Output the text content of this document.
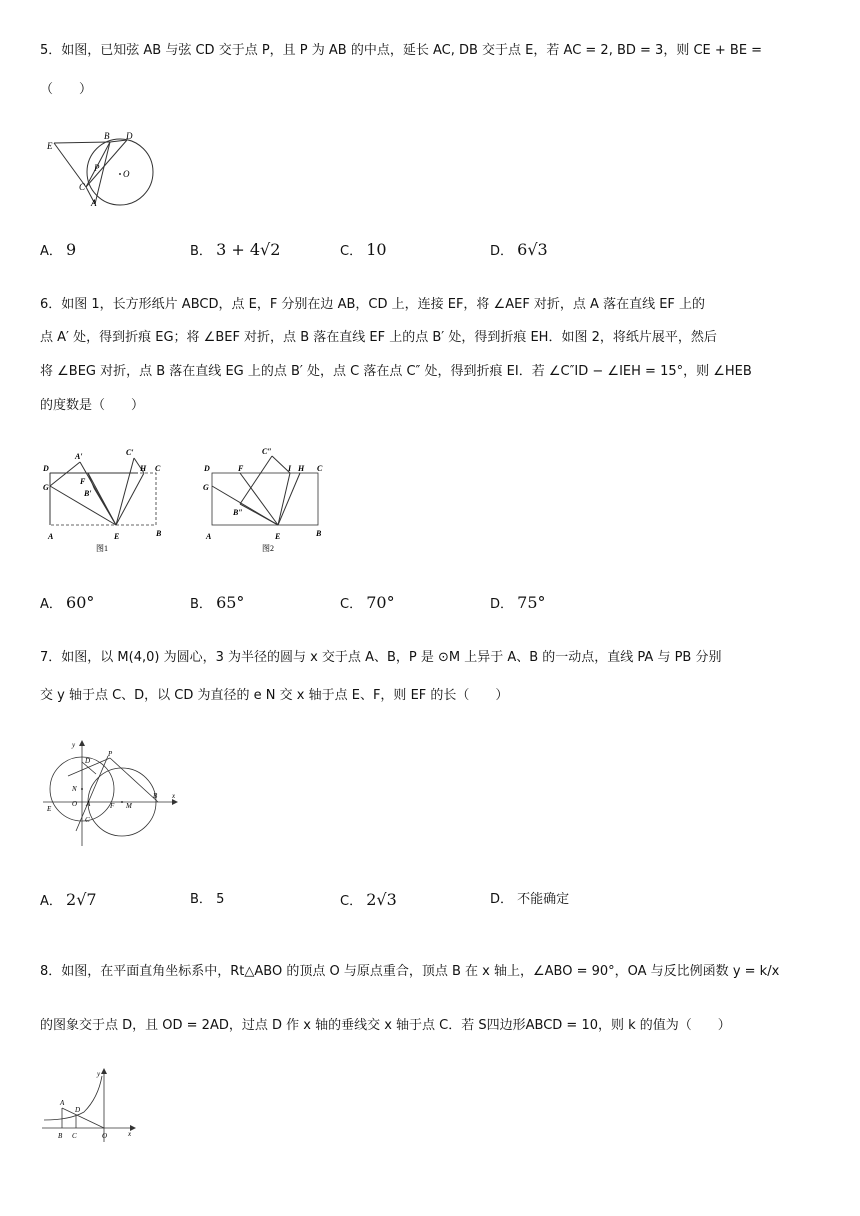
5．如图，已知弦 AB 与弦 CD 交于点 P，且 P 为 AB 的中点，延长 AC, DB 交于点 E，若 AC = 2, BD = 3，则 CE + BE =
（　　）
E
B D
P
O
C
A
A． 9	B． 3 + 4√2	C． 10	D． 6√3
6．如图 1，长方形纸片 ABCD，点 E，F 分别在边 AB，CD 上，连接 EF，将 ∠AEF 对折，点 A 落在直线 EF 上的
点 A′ 处，得到折痕 EG；将 ∠BEF 对折，点 B 落在直线 EF 上的点 B′ 处，得到折痕 EH．如图 2，将纸片展平，然后
将 ∠BEG 对折，点 B 落在直线 EG 上的点 B′ 处，点 C 落在点 C″ 处，得到折痕 EI．若 ∠C″ID − ∠IEH = 15°，则 ∠HEB
的度数是（　　）
D
A′	C′
H C
G
F
B′
A	E	B
图1
D	F
C″
I H C
G
B″
A	E	B
图2
A． 60°	B． 65°	C． 70°	D． 75°
7．如图，以 M(4,0) 为圆心，3 为半径的圆与 x 交于点 A、B，P 是 ⊙M 上异于 A、B 的一动点，直线 PA 与 PB 分别
交 y 轴于点 C、D，以 CD 为直径的 e N 交 x 轴于点 E、F，则 EF 的长（　　）
y
D
P
N
O A	F M
B x
E
C
A． 2√7	B． 5	C． 2√3	D． 不能确定
8．如图，在平面直角坐标系中，Rt△ABO 的顶点 O 与原点重合，顶点 B 在 x 轴上，∠ABO = 90°，OA 与反比例函数 y = k/x
的图象交于点 D，且 OD = 2AD，过点 D 作 x 轴的垂线交 x 轴于点 C．若 S四边形ABCD = 10，则 k 的值为（　　）
y
A
D
B C	O	x
